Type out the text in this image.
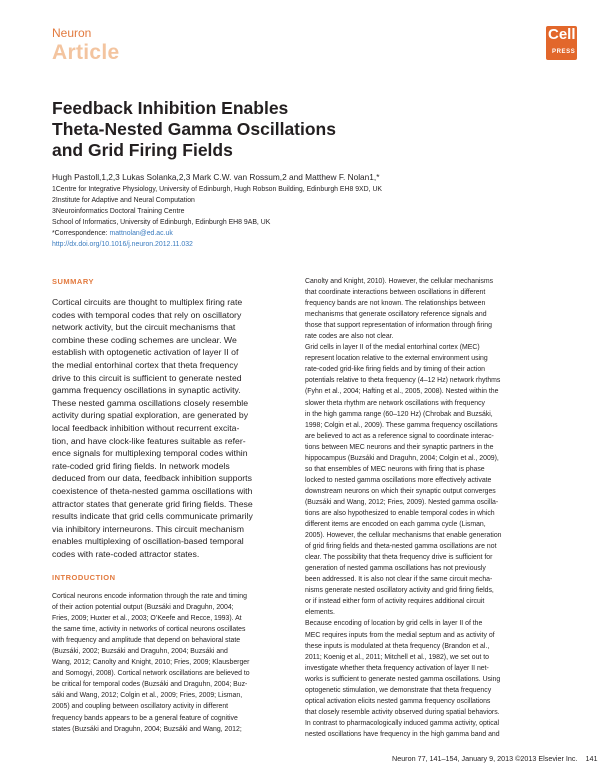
Neuron
Article
Cell
PRESS
Feedback Inhibition Enables
Theta-Nested Gamma Oscillations
and Grid Firing Fields
Hugh Pastoll,1,2,3 Lukas Solanka,2,3 Mark C.W. van Rossum,2 and Matthew F. Nolan1,*
1Centre for Integrative Physiology, University of Edinburgh, Hugh Robson Building, Edinburgh EH8 9XD, UK
2Institute for Adaptive and Neural Computation
3Neuroinformatics Doctoral Training Centre
School of Informatics, University of Edinburgh, Edinburgh EH8 9AB, UK
*Correspondence: mattnolan@ed.ac.uk
http://dx.doi.org/10.1016/j.neuron.2012.11.032
SUMMARY
Cortical circuits are thought to multiplex firing rate
codes with temporal codes that rely on oscillatory
network activity, but the circuit mechanisms that
combine these coding schemes are unclear. We
establish with optogenetic activation of layer II of
the medial entorhinal cortex that theta frequency
drive to this circuit is sufficient to generate nested
gamma frequency oscillations in synaptic activity.
These nested gamma oscillations closely resemble
activity during spatial exploration, are generated by
local feedback inhibition without recurrent excita-
tion, and have clock-like features suitable as refer-
ence signals for multiplexing temporal codes within
rate-coded grid firing fields. In network models
deduced from our data, feedback inhibition supports
coexistence of theta-nested gamma oscillations with
attractor states that generate grid firing fields. These
results indicate that grid cells communicate primarily
via inhibitory interneurons. This circuit mechanism
enables multiplexing of oscillation-based temporal
codes with rate-coded attractor states.
INTRODUCTION
Cortical neurons encode information through the rate and timing
of their action potential output (Buzsáki and Draguhn, 2004;
Fries, 2009; Huxter et al., 2003; O’Keefe and Recce, 1993). At
the same time, activity in networks of cortical neurons oscillates
with frequency and amplitude that depend on behavioral state
(Buzsáki, 2002; Buzsáki and Draguhn, 2004; Buzsáki and
Wang, 2012; Canolty and Knight, 2010; Fries, 2009; Klausberger
and Somogyi, 2008). Cortical network oscillations are believed to
be critical for temporal codes (Buzsáki and Draguhn, 2004; Buz-
sáki and Wang, 2012; Colgin et al., 2009; Fries, 2009; Lisman,
2005) and coupling between oscillatory activity in different
frequency bands appears to be a general feature of cognitive
states (Buzsáki and Draguhn, 2004; Buzsáki and Wang, 2012;
Canolty and Knight, 2010). However, the cellular mechanisms
that coordinate interactions between oscillations in different
frequency bands are not known. The relationships between
mechanisms that generate oscillatory reference signals and
those that support representation of information through firing
rate codes are also not clear.
Grid cells in layer II of the medial entorhinal cortex (MEC)
represent location relative to the external environment using
rate-coded grid-like firing fields and by timing of their action
potentials relative to theta frequency (4–12 Hz) network rhythms
(Fyhn et al., 2004; Hafting et al., 2005, 2008). Nested within the
slower theta rhythm are network oscillations with frequency
in the high gamma range (60–120 Hz) (Chrobak and Buzsáki,
1998; Colgin et al., 2009). These gamma frequency oscillations
are believed to act as a reference signal to coordinate interac-
tions between MEC neurons and their synaptic partners in the
hippocampus (Buzsáki and Draguhn, 2004; Colgin et al., 2009),
so that ensembles of MEC neurons with firing that is phase
locked to nested gamma oscillations more effectively activate
downstream neurons on which their synaptic output converges
(Buzsáki and Wang, 2012; Fries, 2009). Nested gamma oscilla-
tions are also hypothesized to enable temporal codes in which
different items are encoded on each gamma cycle (Lisman,
2005). However, the cellular mechanisms that enable generation
of grid firing fields and theta-nested gamma oscillations are not
clear. The possibility that theta frequency drive is sufficient for
generation of nested gamma oscillations has not previously
been addressed. It is also not clear if the same circuit mecha-
nisms generate nested oscillatory activity and grid firing fields,
or if instead either form of activity requires additional circuit
elements.
Because encoding of location by grid cells in layer II of the
MEC requires inputs from the medial septum and as activity of
these inputs is modulated at theta frequency (Brandon et al.,
2011; Koenig et al., 2011; Mitchell et al., 1982), we set out to
investigate whether theta frequency activation of layer II net-
works is sufficient to generate nested gamma oscillations. Using
optogenetic stimulation, we demonstrate that theta frequency
optical activation elicits nested gamma frequency oscillations
that closely resemble activity observed during spatial behaviors.
In contrast to pharmacologically induced gamma activity, optical
nested oscillations have frequency in the high gamma band and
Neuron 77, 141–154, January 9, 2013 ©2013 Elsevier Inc. 141
